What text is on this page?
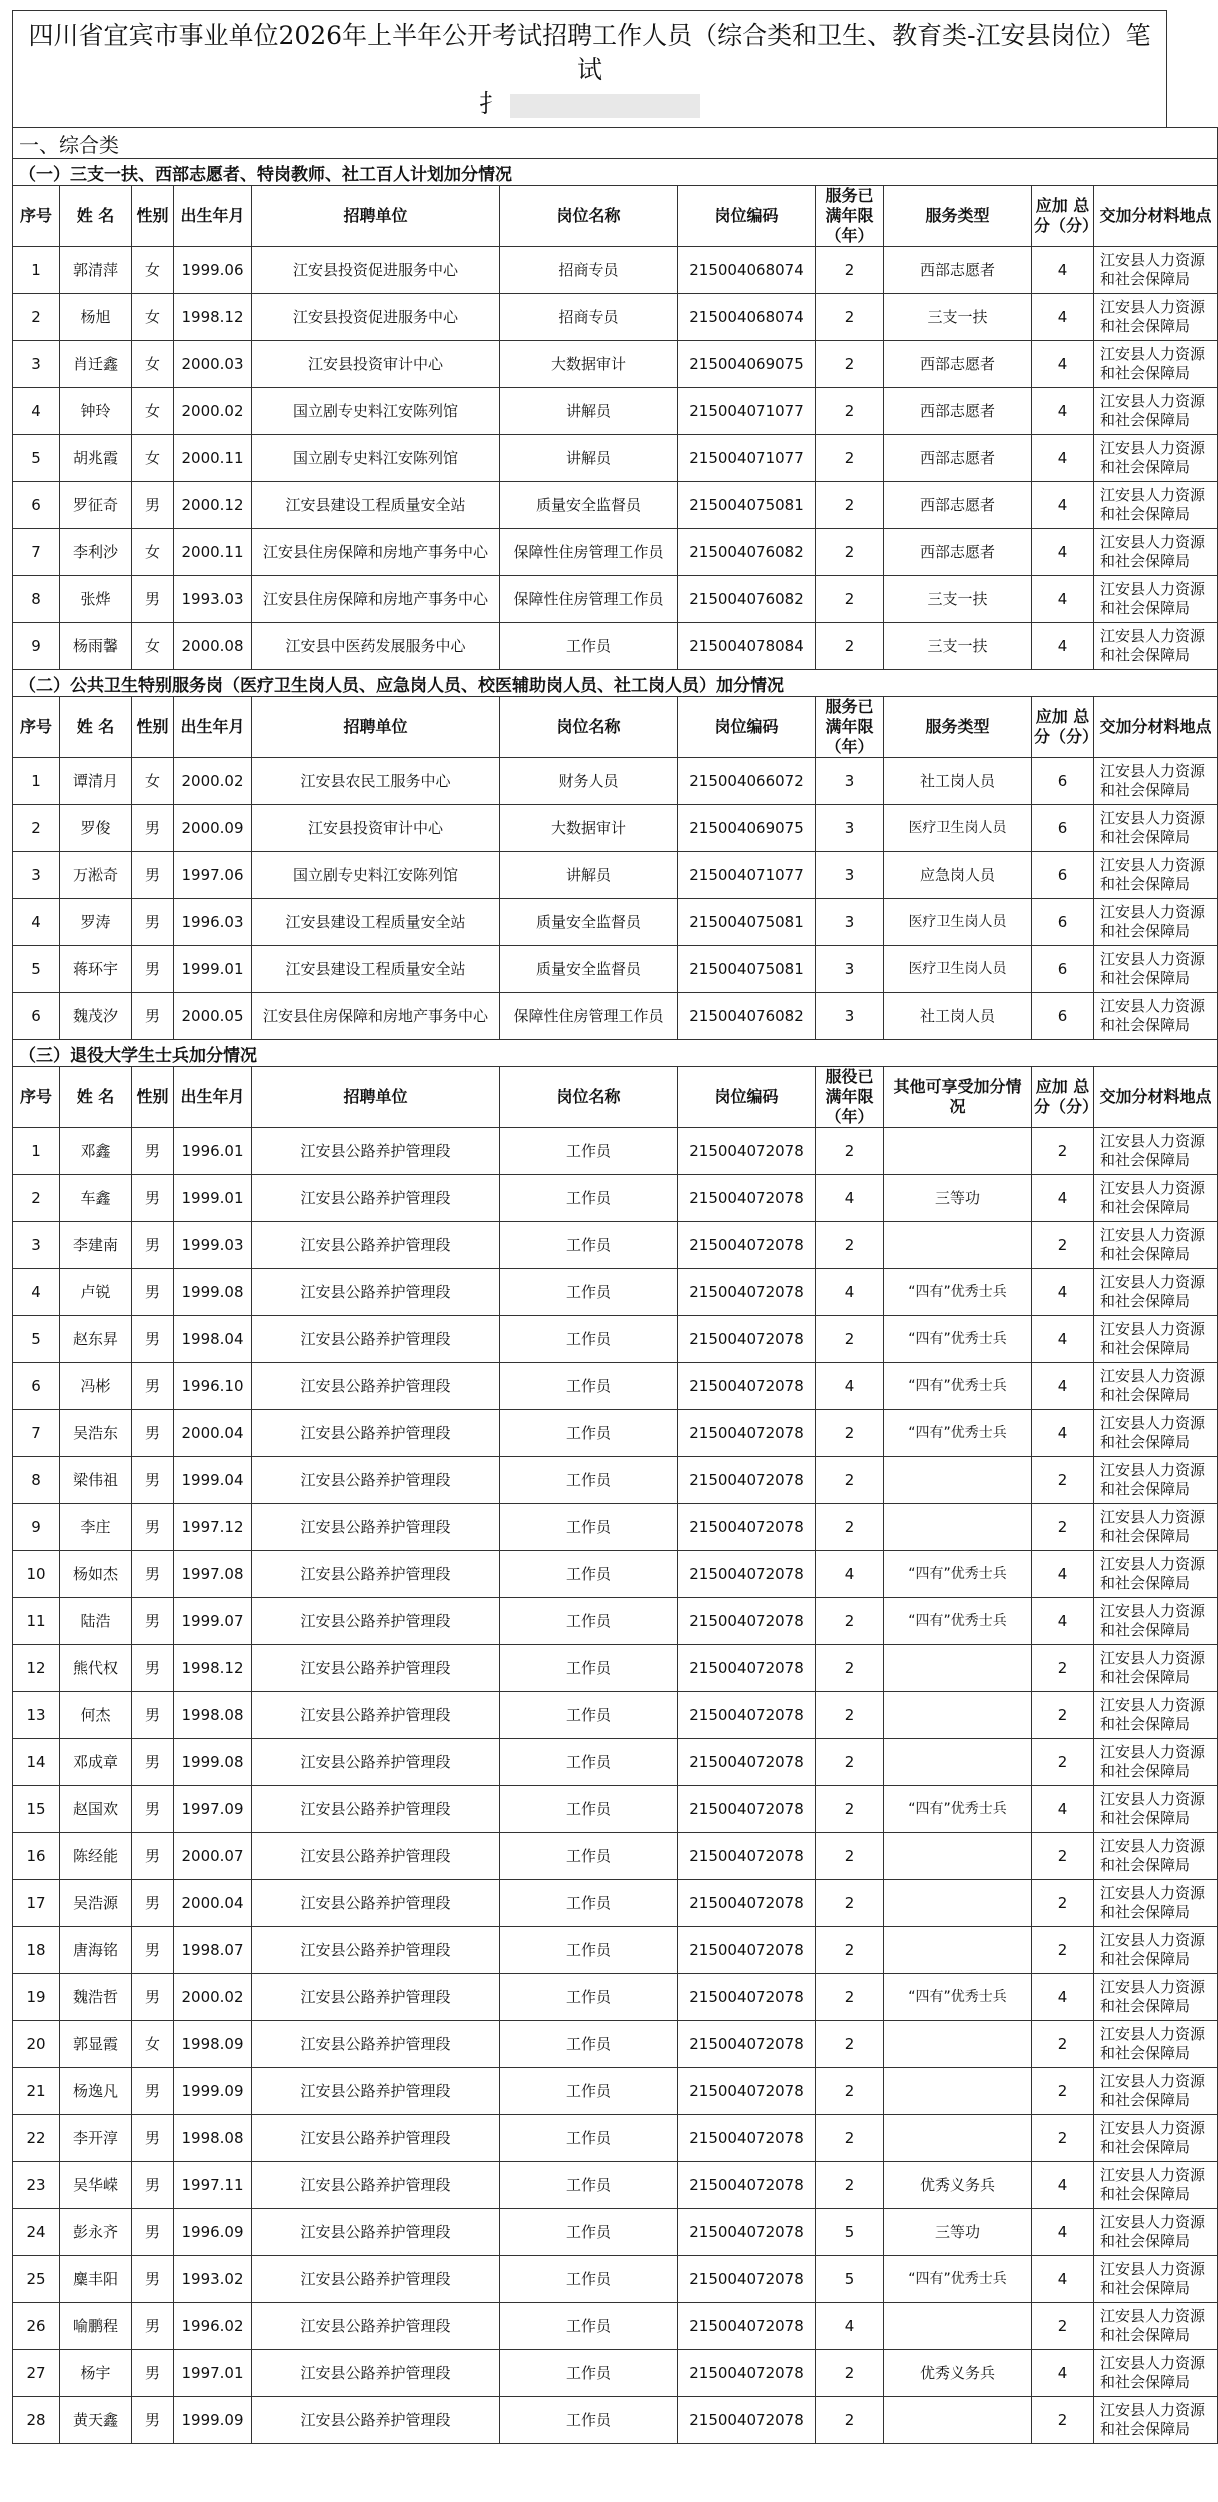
四川省宜宾市事业单位2026年上半年公开考试招聘工作人员（综合类和卫生、教育类-江安县岗位）笔试
扌
一、综合类										
（一）三支一扶、西部志愿者、特岗教师、社工百人计划加分情况										
序号	姓 名	性别	出生年月	招聘单位	岗位名称	岗位编码	服务已满年限（年）	服务类型	应加 总分（分）	交加分材料地点
1	郭清萍	女	1999.06	江安县投资促进服务中心	招商专员	215004068074	2	西部志愿者	4	江安县人力资源和社会保障局
2	杨旭	女	1998.12	江安县投资促进服务中心	招商专员	215004068074	2	三支一扶	4	江安县人力资源和社会保障局
3	肖迁鑫	女	2000.03	江安县投资审计中心	大数据审计	215004069075	2	西部志愿者	4	江安县人力资源和社会保障局
4	钟玲	女	2000.02	国立剧专史料江安陈列馆	讲解员	215004071077	2	西部志愿者	4	江安县人力资源和社会保障局
5	胡兆霞	女	2000.11	国立剧专史料江安陈列馆	讲解员	215004071077	2	西部志愿者	4	江安县人力资源和社会保障局
6	罗征奇	男	2000.12	江安县建设工程质量安全站	质量安全监督员	215004075081	2	西部志愿者	4	江安县人力资源和社会保障局
7	李利沙	女	2000.11	江安县住房保障和房地产事务中心	保障性住房管理工作员	215004076082	2	西部志愿者	4	江安县人力资源和社会保障局
8	张烨	男	1993.03	江安县住房保障和房地产事务中心	保障性住房管理工作员	215004076082	2	三支一扶	4	江安县人力资源和社会保障局
9	杨雨馨	女	2000.08	江安县中医药发展服务中心	工作员	215004078084	2	三支一扶	4	江安县人力资源和社会保障局
（二）公共卫生特别服务岗（医疗卫生岗人员、应急岗人员、校医辅助岗人员、社工岗人员）加分情况										
序号	姓 名	性别	出生年月	招聘单位	岗位名称	岗位编码	服务已满年限（年）	服务类型	应加 总分（分）	交加分材料地点
1	谭清月	女	2000.02	江安县农民工服务中心	财务人员	215004066072	3	社工岗人员	6	江安县人力资源和社会保障局
2	罗俊	男	2000.09	江安县投资审计中心	大数据审计	215004069075	3	医疗卫生岗人员	6	江安县人力资源和社会保障局
3	万淞奇	男	1997.06	国立剧专史料江安陈列馆	讲解员	215004071077	3	应急岗人员	6	江安县人力资源和社会保障局
4	罗涛	男	1996.03	江安县建设工程质量安全站	质量安全监督员	215004075081	3	医疗卫生岗人员	6	江安县人力资源和社会保障局
5	蒋环宇	男	1999.01	江安县建设工程质量安全站	质量安全监督员	215004075081	3	医疗卫生岗人员	6	江安县人力资源和社会保障局
6	魏茂汐	男	2000.05	江安县住房保障和房地产事务中心	保障性住房管理工作员	215004076082	3	社工岗人员	6	江安县人力资源和社会保障局
（三）退役大学生士兵加分情况										
序号	姓 名	性别	出生年月	招聘单位	岗位名称	岗位编码	服役已满年限（年）	其他可享受加分情况	应加 总分（分）	交加分材料地点
1	邓鑫	男	1996.01	江安县公路养护管理段	工作员	215004072078	2		2	江安县人力资源和社会保障局
2	车鑫	男	1999.01	江安县公路养护管理段	工作员	215004072078	4	三等功	4	江安县人力资源和社会保障局
3	李建南	男	1999.03	江安县公路养护管理段	工作员	215004072078	2		2	江安县人力资源和社会保障局
4	卢锐	男	1999.08	江安县公路养护管理段	工作员	215004072078	4	“四有”优秀士兵	4	江安县人力资源和社会保障局
5	赵东昇	男	1998.04	江安县公路养护管理段	工作员	215004072078	2	“四有”优秀士兵	4	江安县人力资源和社会保障局
6	冯彬	男	1996.10	江安县公路养护管理段	工作员	215004072078	4	“四有”优秀士兵	4	江安县人力资源和社会保障局
7	吴浩东	男	2000.04	江安县公路养护管理段	工作员	215004072078	2	“四有”优秀士兵	4	江安县人力资源和社会保障局
8	梁伟祖	男	1999.04	江安县公路养护管理段	工作员	215004072078	2		2	江安县人力资源和社会保障局
9	李庄	男	1997.12	江安县公路养护管理段	工作员	215004072078	2		2	江安县人力资源和社会保障局
10	杨如杰	男	1997.08	江安县公路养护管理段	工作员	215004072078	4	“四有”优秀士兵	4	江安县人力资源和社会保障局
11	陆浩	男	1999.07	江安县公路养护管理段	工作员	215004072078	2	“四有”优秀士兵	4	江安县人力资源和社会保障局
12	熊代权	男	1998.12	江安县公路养护管理段	工作员	215004072078	2		2	江安县人力资源和社会保障局
13	何杰	男	1998.08	江安县公路养护管理段	工作员	215004072078	2		2	江安县人力资源和社会保障局
14	邓成章	男	1999.08	江安县公路养护管理段	工作员	215004072078	2		2	江安县人力资源和社会保障局
15	赵国欢	男	1997.09	江安县公路养护管理段	工作员	215004072078	2	“四有”优秀士兵	4	江安县人力资源和社会保障局
16	陈经能	男	2000.07	江安县公路养护管理段	工作员	215004072078	2		2	江安县人力资源和社会保障局
17	吴浩源	男	2000.04	江安县公路养护管理段	工作员	215004072078	2		2	江安县人力资源和社会保障局
18	唐海铭	男	1998.07	江安县公路养护管理段	工作员	215004072078	2		2	江安县人力资源和社会保障局
19	魏浩哲	男	2000.02	江安县公路养护管理段	工作员	215004072078	2	“四有”优秀士兵	4	江安县人力资源和社会保障局
20	郭显霞	女	1998.09	江安县公路养护管理段	工作员	215004072078	2		2	江安县人力资源和社会保障局
21	杨逸凡	男	1999.09	江安县公路养护管理段	工作员	215004072078	2		2	江安县人力资源和社会保障局
22	李开淳	男	1998.08	江安县公路养护管理段	工作员	215004072078	2		2	江安县人力资源和社会保障局
23	吴华嵘	男	1997.11	江安县公路养护管理段	工作员	215004072078	2	优秀义务兵	4	江安县人力资源和社会保障局
24	彭永齐	男	1996.09	江安县公路养护管理段	工作员	215004072078	5	三等功	4	江安县人力资源和社会保障局
25	麋丰阳	男	1993.02	江安县公路养护管理段	工作员	215004072078	5	“四有”优秀士兵	4	江安县人力资源和社会保障局
26	喻鹏程	男	1996.02	江安县公路养护管理段	工作员	215004072078	4		2	江安县人力资源和社会保障局
27	杨宇	男	1997.01	江安县公路养护管理段	工作员	215004072078	2	优秀义务兵	4	江安县人力资源和社会保障局
28	黄天鑫	男	1999.09	江安县公路养护管理段	工作员	215004072078	2		2	江安县人力资源和社会保障局
